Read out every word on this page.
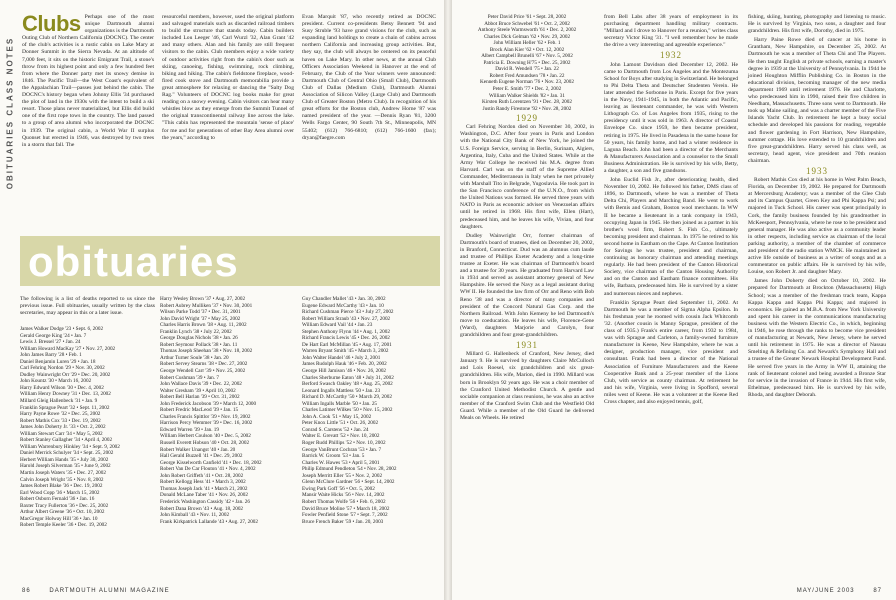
OBITUARIES CLASS NOTES
Clubs Perhaps one of the most unique Dartmouth alumni organizations is the Dartmouth Outing Club of Northern California (DOCNC). The center of the club's activities is a rustic cabin on Lake Mary at Donner Summit in the Sierra Nevada. At an altitude of 7,000 feet, it sits on the historic Emigrant Trail, a stone's throw from its highest point and only a few hundred feet from where the Donner party met its snowy demise in 1846. The Pacific Trail—the West Coast's equivalent of the Appalachian Trail—passes just behind the cabin. The DOCNC's history began when Johnny Ellis '34 purchased the plot of land in the 1930s with the intent to build a ski resort. Those plans never materialized, but Ellis did build one of the first rope tows in the country. The land passed to a group of area alumni who incorporated the DOCNC in 1939. The original cabin, a World War II surplus Quonset hut erected in 1946, was destroyed by two trees in a storm that fall. The
resourceful members, however, used the original platform and salvaged materials such as discarded railroad timbers to build the structure that stands today. Cabin builders included Lou Leeger '46, Carl Wurzl '32, Alan Grant '42 and many others. Alan and his family are still frequent visitors to the cabin. Club members enjoy a wide variety of outdoor activities right from the cabin's door such as skiing, canoeing, fishing, swimming, rock climbing, biking and hiking. The cabin's fieldstone fireplace, wood-fired cook stove and Dartmouth memorabilia provide a great atmosphere for relaxing or dancing the "Salty Dog Rag." Volunteers of DOCNC log books make for great reading on a snowy evening. Cabin visitors can hear many whistles blow as they emerge from the Summit Tunnel of the original transcontinental railway line across the lake. "This cabin has represented the mountain 'sense of place' for me and for generations of other Bay Area alumni over the years," according to
Evan Marquit '87, who recently retired as DOCNC president. Current co-presidents Betsy Bennett '94 and Susy Struble '93 have grand visions for the club, such as expanding land holdings to create a chain of cabins across northern California and increasing group activities. But, they say, the club will always be centered on its peaceful haven on Lake Mary. In other news, at the annual Club Officers Association Weekend in Hanover at the end of February, the Club of the Year winners were announced: Dartmouth Club of Central Ohio (Small Club), Dartmouth Club of Dallas (Medium Club), Dartmouth Alumni Association of Silicon Valley (Large Club) and Dartmouth Club of Greater Boston (Metro Club). In recognition of his great efforts for the Boston club, Andrew Horne '87 was named president of the year. —Dennis Ryan '81, 3200 Wells Fargo Center, 90 South 7th St., Minneapolis, MN 55402; (612) 766-6810; (612) 766-1600 (fax); dryan@faegre.com
obituaries
The following is a list of deaths reported to us since the previous issue. Full obituaries, usually written by the class secretaries, may appear in this or a later issue.
James Walker Dodge '23 • Sept. 6, 2002
Gerald George King '24 • Jan. 7
Lewis J. Bressel '27 • Jan. 24
William Howard MacKay '27 • Nov. 27, 2002
John James Barry '28 • Feb. 1
Daniel Benjamin Luren '29 • Jan. 18
Carl Fehring Nordon '29 • Nov. 30, 2002
Dudley Wainwright Orr '29 • Dec. 20, 2002
John Kountz '30 • March 16, 2002
Harry Edward Wilson '30 • Dec. 4, 2002
William Henry Downey '31 • Dec. 13, 2002
Millard Gleig Hallenbeck '31 • Jan. 9
Franklin Sprague Peart '32 • Sept. 11, 2002
Harry Payne Rowe '32 • Dec. 25, 2002
Robert Mathis Cox '33 • Dec. 19, 2002
James John Doherty Jr. '33 • Oct. 2, 2002
William Stewart Carr '34 • May 5, 2002
Robert Stanley Gallagher '34 • April 4, 2002
William Warrenbury Hinkley '34 • Sept. 9, 2002
Daniel Merrick Schulyer '34 • Sept. 25, 2002
Herbert William Hands '35 • July 30, 2002
Harold Joseph Silverman '35 • June 9, 2002
Martin Joseph Waters '35 • Dec. 27, 2002
Calvin Joseph Wright '35 • Nov. 8, 2002
James Robert Blake '36 • Dec. 19, 2002
Earl Wood Copp '36 • March 15, 2002
Robert Osborn Fernald '36 • Jan. 16
Baxter Tracy Fullerton '36 • Dec. 25, 2002
Arthur Albert Greene '36 • Oct. 10, 2002
MacGregor Holway Hill '36 • Jan. 10
Robert Temple Keeler '36 • Dec. 19, 2002
Harry Wesley Brown '37 • Aug. 27, 2002
Robert Aubrey Mulliken '37 • Nov. 30, 2001
Wilson Parke Todd '37 • Dec. 31, 2001
John David Wright '37 • May 25, 2002
Charles Harris Brown '38 • Aug. 11, 2002
Franklin Lynch '38 • July 22, 2002
George Douglas Nichols '38 • Jan. 26
Robert Seymour Pollack '38 • Jan. 11
Thomas Joseph Sheehan '38 • Nov. 18, 2002
Arthur Turner Soule '38 • Jan. 20
Robert Servey Stearns '38 • Dec. 27, 2002
George Wendell Carr '39 • Nov. 25, 2002
Robert Cushman '39 • Jan. 7
John Wallace Davis '39 • Dec. 22, 2002
Walter Gresham '39 • April 10, 2002
Robert Bell Harlan '39 • Oct. 31, 2002
John Frederick Jacobson '39 • March 12, 2000
Robert Fredric MacLeod '39 • Jan. 15
Charles Francis Spittlor '39 • Nov. 19, 2002
Harrison Percy Wemmer '39 • Dec. 16, 2002
Edward Warren '39 • Jan. 19
William Herbert Coulson '40 • Dec. 5, 2002
Russell Everett Hobson '40 • Oct. 28, 2002
Robert Walker Unangst '40 • Jan. 20
Hall Gerald Buzzell '41 • Dec. 29, 2002
George Kisselworth Canfield '41 • Dec. 18, 2002
Robert Van De Car Flouton '41 • Nov. 4, 2002
John Robert Griffeth '41 • Oct. 28, 2002
Robert Kellogg Hess '41 • March 3, 2002
Thomas Joseph Jack '41 • March 21, 2002
Donald McLane Taber '41 • Nov. 26, 2002
Frederick Washington Cassidy '42 • Jan. 26
Robert Dana Brown '43 • Aug. 18, 2002
John Kimball '43 • Nov. 11, 2002
Frank Kirkpatrick Lallande '43 • Aug. 27, 2002
Guy Chandler Mallet '43 • Jan. 30, 2002
Eugene Edward McCarthy '43 • Jan. 10
Richard Cushman Pierce '43 • July 27, 2002
Robert William Straub '43 • Nov. 27, 2002
William Edward Vail '44 • Jan. 23
Stephen Anthony Flynn '44 • Aug. 1, 2002
Richard Francis Lewis '45 • Dec. 26, 2002
De Hart Earl McMillan '45 • Aug. 17, 2001
Warren Bryant Smith '45 • March 3, 2002
John Walter Handel '46 • July 2, 2001
James Rudolph Hauk '46 • Feb. 20, 2002
George Hill Jamison '46 • Nov. 26, 2002
Charles Sherburne Eaton '48 • July 31, 2002
Berford Swasch Oakley '48 • Aug. 25, 2002
Leonard Ingalls Mattless '50 • Jan. 23
Richard D. McCarthy '50 • March 29, 2002
William Ingalls Marble '50 • Jan. 25
Charles Latimer Wilkes '50 • Nov. 15, 2002
John A. Cook '51 • May 15, 2002
Peter Knox Little '51 • Oct. 26, 2002
Conrad S. Carstens '52 • Jan. 24
Walter E. Grevatt '52 • Nov. 10, 2002
Roger Rudd Phillips '52 • Nov. 10, 2002
George VanBrunt Cochran '53 • Jan. 7
Barrick W. Groom '53 • Jan. 5
Charles W. Hawes '53 • April 5, 2001
Philip Edmund Pendleton '54 • Nov. 28, 2002
Joseph Merritt Eller '55 • Nov. 2, 2002
Glenn McClure Gardner '56 • Sept. 14, 2002
Ewing Park Goff '56 • Oct. 5, 2002
Mansir Waite Hicks '56 • Nov. 14, 2002
Robert Thomas Wolfe '56 • Feb. 6, 2002
David Bruce Moline '57 • March 18, 2002
Fowler Penfield Stone '57 • Sept. 7, 2002
Bruce French Baker '59 • Jan. 20, 2003
86	DARTMOUTH ALUMNI MAGAZINE
Peter David Price '61 • Sept. 28, 2002
Abbot Bruce Schwebel '61 • Oct. 2, 2002
Anthony Steele Warmsworth '61 • Dec. 2, 2002
Charles Dick Gelman '62 • Nov. 29, 2002
John William Heller '62 • Feb. 1
Brock Alan Kier '62 • Oct. 12, 2002
Albert Campbell Brunelli '67 • Nov. 5, 2002
Patricia E. Downing H'75 • Dec. 25, 2002
David R. Wendell '75 • Jan. 22
Robert Fred Amundsen '78 • Jan. 22
Kenneth Eugene Norman '76 • Nov. 23, 2002
Peter E. Smith '77 • Dec. 2, 2002
William Walker Shields '82 • Jan. 31
Kirsten Ruth Lorentzen '91 • Dec. 28, 2002
Justin Randy Firestone '92 • Nov. 28, 2002
1929

Carl Fehring Nordon died on November 30, 2002, in Washington, D.C. After four years in Paris and London with the National City Bank of New York, he joined the U.S. Foreign Service, serving in Berlin, Surinam, Algiers, Argentina, Italy, Cuba and the United States. While at the Army War College he received his M.A. degree from Harvard. Carl was on the staff of the Supreme Allied Commander, Mediterranean in Italy when he met privately with Marshall Tito in Belgrade, Yugoslavia. He took part in the San Francisco conference of the U.N.O., from which the United Nations was formed. He served three years with NATO in Paris as economic adviser on Venezuelan affairs until he retired in 1968. His first wife, Ellen (Hart), predeceased him, and he leaves his wife, Vivian, and four daughters.

Dudley Wainwright Orr, former chairman of Dartmouth's board of trustees, died on December 20, 2002, in Branford, Connecticut. Dud was an alumnus cum laude and trustee of Phillips Exeter Academy and a long-time trustee at Exeter. He was chairman of Dartmouth's board and a trustee for 30 years. He graduated from Harvard Law in 1934 and served as assistant attorney general of New Hampshire. He served the Navy as a legal assistant during WW II. He founded the law firm of Orr and Reno with Bob Reno '38 and was a director of many companies and president of the Concord Natural Gas Corp. and the Northern Railroad. With John Kemeny he led Dartmouth's move to coeducation. He leaves his wife, Florence-Gene (Ward), daughters Marjorie and Carolyn, four grandchildren and four great-grandchildren.

1931

Millard G. Hallenbeck of Cranford, New Jersey, died January 9. He is survived by daughters Claire McCulloch and Lois Roesel, six grandchildren and six great-grandchildren. His wife, Marion, died in 1990. Millard was born in Brooklyn 92 years ago. He was a choir member of the Cranford United Methodist Church. A gentle and sociable companion at class reunions, he was also an active member of the Cranford Swim Club and the Westfield Old Guard. While a member of the Old Guard he delivered Meals on Wheels. He retired

from Bell Labs after 38 years of employment in its purchasing department handling military contracts. "Millard and I drove to Hanover for a reunion," writes class secretary Victor King '31. "I well remember how he made the drive a very interesting and agreeable experience."

1932

John Lamont Davidson died December 12, 2002. He came to Dartmouth from Los Angeles and the Montezuma School for Boys after studying in Switzerland. He belonged to Phi Delta Theta and Deutscher Studenten Verein. He later attended the Sorbonne in Paris. Except for five years in the Navy, 1941-1945, in both the Atlantic and Pacific, leaving as lieutenant commander, he was with Western Lithograph Co. of Los Angeles from 1935, rising to the presidency until it was sold in 1963. A director of Coastal Envelope Co. since 1959, he then became president, retiring in 1975. He lived in Pasadena in the same house for 50 years, his family home, and had a winter residence in Laguna Beach. John had been a director of the Merchants & Manufacturers Association and a counselor to the Small Business Administration. He is survived by his wife, Betty, a daughter, a son and five grandsons.

John Euclid Fish Jr., after deteriorating health, died November 10, 2002. He followed his father, DMS class of 1896, to Dartmouth, where he was a member of Theta Delta Chi, Players and Marching Band. He went to work with Bemis and Graham, Boston wool merchants. In WW II he became a lieutenant in a tank company in 1943, occupying Japan in 1945. He then joined as a partner in his brother's wool firm, Robert S. Fish Co., ultimately becoming president and chairman. In 1975 he retired to his second home in Eastham on the Cape. At Canton Institution for Savings he was trustee, president and chairman, continuing as honorary chairman and attending meetings regularly. He had been president of the Canton Historical Society, vice chairman of the Canton Housing Authority and on the Canton and Eastham finance committees. His wife, Barbara, predeceased him. He is survived by a sister and numerous nieces and nephews.

Franklin Sprague Peart died September 11, 2002. At Dartmouth he was a member of Sigma Alpha Epsilon. In his freshman year he roomed with cousin Jack Whitcomb '32. (Another cousin is Manny Sprague, president of the class of 1935.) Frank's entire career, from 1932 to 1984, was with Sprague and Carleton, a family-owned furniture manufacturer in Keene, New Hampshire, where he was a designer, production manager, vice president and consultant. Frank had been a director of the National Association of Furniture Manufacturers and the Keene Cooperative Bank and a 25-year member of the Lions Club, with service as county chairman. At retirement he and his wife, Virginia, were living in Spofford, several miles west of Keene. He was a volunteer at the Keene Red Cross chapter, and also enjoyed tennis, golf,

fishing, skiing, hunting, photography and listening to music. He is survived by Virginia, two sons, a daughter and four grandchildren. His first wife, Dorothy, died in 1975.

Harry Paine Rowe died of cancer at his home in Grantham, New Hampshire, on December 25, 2002. At Dartmouth he was a member of Theta Chi and The Players. He then taught English at private schools, earning a master's degree in 1939 at the University of Pennsylvania. In 1944 he joined Houghton Mifflin Publishing Co. in Boston in the educational division, becoming manager of the new media department 1969 until retirement 1976. He and Charlotte, who predeceased him in 1990, raised their five children in Needham, Massachusetts. Three sons went to Dartmouth. He took up Maine sailing, and was a charter member of the Five Islands Yacht Club. In retirement he kept a busy social schedule and developed his passions for reading, vegetable and flower gardening in Fort Harrison, New Hampshire, summer cottage. His love extended to 10 grandchildren and five great-grandchildren. Harry served his class well, as secretary, head agent, vice president and 70th reunion chairman.

1933

Robert Mathis Cox died at his home in West Palm Beach, Florida, on December 19, 2002. He prepared for Dartmouth at Mercersburg Academy; was a member of the Glee Club and its Campus Quartet, Green Key and Phi Kappa Psi; and majored in Tuck School. His career was spent principally in Cork, the family business founded by his grandmother in McKeesport, Pennsylvania, where he rose to be president and general manager. He was also active as a community leader in other respects, including service as chairman of the local parking authority, a member of the chamber of commerce and president of the radio station WMCK. He maintained an active life outside of business as a writer of songs and as a commentator on public affairs. He is survived by his wife, Louise, son Robert Jr. and daughter Mary.

James John Doherty died on October 10, 2002. He prepared for Dartmouth at Brockton (Massachusetts) High School; was a member of the freshman track team, Kappa Kappa Kappa and Kappa Phi Kappa; and majored in economics. He gained an M.B.A. from New York University and spent his career in the communications manufacturing business with the Western Electric Co., in which, beginning in 1946, he rose through the ranks to become vice president of manufacturing at Newark, New Jersey, where he served until his retirement in 1975. He was a director of Nassau Smelting & Refining Co. and Newark's Symphony Hall and a trustee of the Greater Newark Hospital Development Fund. He served five years in the Army in WW II, attaining the rank of lieutenant colonel and being awarded a Bronze Star for service in the invasion of France in 1944. His first wife, Ethelmae, predeceased him. He is survived by his wife, Rhoda, and daughter Deborah.

MAY/JUNE 2003	87
